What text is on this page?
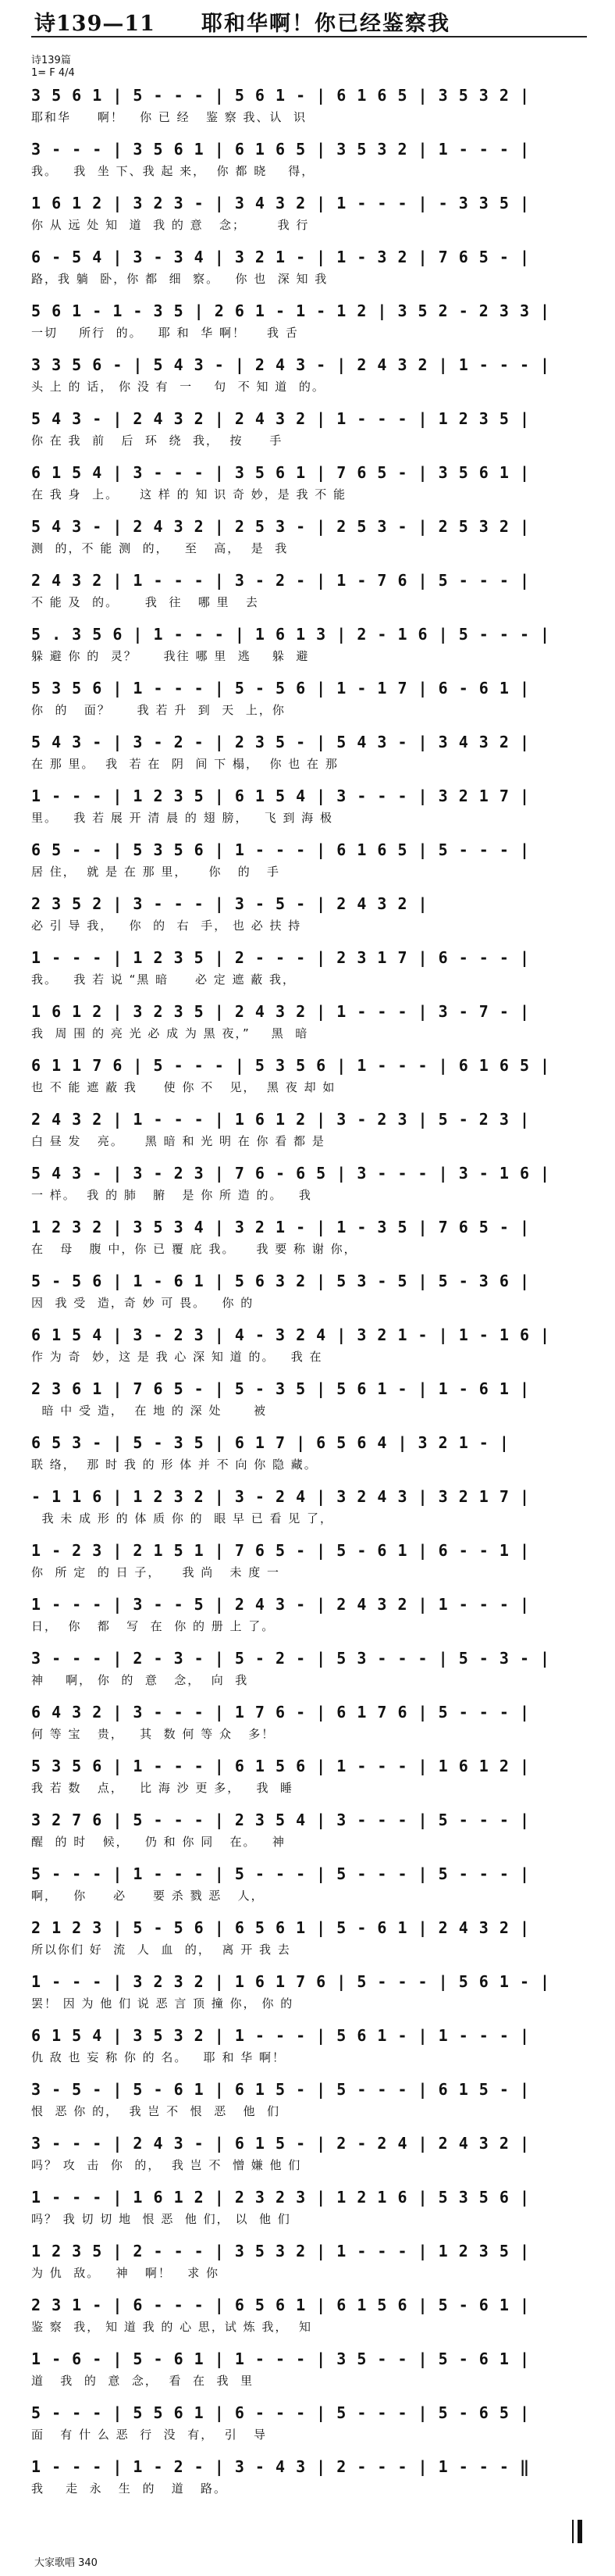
诗139—11 耶和华啊！你已经鉴察我
诗139篇
1= F 4/4
3 5 6 1 | 5 - - - | 5 6 1 - | 6 1 6 5 | 3 5 3 2 |
耶和华     啊！   你 已 经   鉴 察 我、认  识
3 - - - | 3 5 6 1 | 6 1 6 5 | 3 5 3 2 | 1 - - - |
我。   我  坐 下、我 起 来，  你 都 晓    得，
1 6 1 2 | 3 2 3 - | 3 4 3 2 | 1 - - - | - 3 3 5 |
你 从 远 处 知  道  我 的 意   念；      我 行
6 - 5 4 | 3 - 3 4 | 3 2 1 - | 1 - 3 2 | 7 6 5 - |
路，我 躺  卧，你 都  细  察。   你 也  深 知 我
5 6 1 - 1 - 3 5 | 2 6 1 - 1 - 1 2 | 3 5 2 - 2 3 3 |
一切    所行  的。   耶 和  华 啊！    我 舌
3 3 5 6 - | 5 4 3 - | 2 4 3 - | 2 4 3 2 | 1 - - - |
头 上 的 话， 你 没 有  一    句  不 知 道  的。
5 4 3 - | 2 4 3 2 | 2 4 3 2 | 1 - - - | 1 2 3 5 |
你 在 我  前   后  环  绕  我，  按     手
6 1 5 4 | 3 - - - | 3 5 6 1 | 7 6 5 - | 3 5 6 1 |
在 我 身  上。    这 样 的 知 识 奇 妙，是 我 不 能
5 4 3 - | 2 4 3 2 | 2 5 3 - | 2 5 3 - | 2 5 3 2 |
测  的，不 能 测  的，   至   高，  是  我
2 4 3 2 | 1 - - - | 3 - 2 - | 1 - 7 6 | 5 - - - |
不 能 及  的。     我  往   哪 里   去
5 . 3 5 6 | 1 - - - | 1 6 1 3 | 2 - 1 6 | 5 - - - |
躲 避 你 的  灵？     我往 哪 里  逃    躲  避
5 3 5 6 | 1 - - - | 5 - 5 6 | 1 - 1 7 | 6 - 6 1 |
你  的   面？     我 若 升  到  天  上，你
5 4 3 - | 3 - 2 - | 2 3 5 - | 5 4 3 - | 3 4 3 2 |
在 那 里。  我  若 在  阴  间 下 榻，  你 也 在 那
1 - - - | 1 2 3 5 | 6 1 5 4 | 3 - - - | 3 2 1 7 |
里。   我 若 展 开 清 晨 的 翅 膀，   飞 到 海 极
6 5 - - | 5 3 5 6 | 1 - - - | 6 1 6 5 | 5 - - - |
居 住，  就 是 在 那 里，    你   的   手
2 3 5 2 | 3 - - - | 3 - 5 - | 2 4 3 2 |
必 引 导 我，   你  的  右  手， 也 必 扶 持
1 - - - | 1 2 3 5 | 2 - - - | 2 3 1 7 | 6 - - - |
我。   我 若 说 “黑 暗     必 定 遮 蔽 我，
1 6 1 2 | 3 2 3 5 | 2 4 3 2 | 1 - - - | 3 - 7 - |
我  周 围 的 亮 光 必 成 为 黑 夜，”    黑  暗
6 1 1 7 6 | 5 - - - | 5 3 5 6 | 1 - - - | 6 1 6 5 |
也 不 能 遮 蔽 我     使 你 不   见，  黑 夜 却 如
2 4 3 2 | 1 - - - | 1 6 1 2 | 3 - 2 3 | 5 - 2 3 |
白 昼 发   亮。    黑 暗 和 光 明 在 你 看 都 是
5 4 3 - | 3 - 2 3 | 7 6 - 6 5 | 3 - - - | 3 - 1 6 |
一 样。  我 的 肺   腑   是 你 所 造 的。   我
1 2 3 2 | 3 5 3 4 | 3 2 1 - | 1 - 3 5 | 7 6 5 - |
在   母   腹 中，你 已 覆 庇 我。    我 要 称 谢 你，
5 - 5 6 | 1 - 6 1 | 5 6 3 2 | 5 3 - 5 | 5 - 3 6 |
因  我 受  造，奇 妙 可 畏。   你 的
6 1 5 4 | 3 - 2 3 | 4 - 3 2 4 | 3 2 1 - | 1 - 1 6 |
作 为 奇  妙，这 是 我 心 深 知 道 的。   我 在
2 3 6 1 | 7 6 5 - | 5 - 3 5 | 5 6 1 - | 1 - 6 1 |
暗 中 受 造，  在 地 的 深 处      被
6 5 3 - | 5 - 3 5 | 6 1 7 | 6 5 6 4 | 3 2 1 - |
联 络，  那 时 我 的 形 体 并 不 向 你 隐 藏。
- 1 1 6 | 1 2 3 2 | 3 - 2 4 | 3 2 4 3 | 3 2 1 7 |
我 未 成 形 的 体 质 你 的  眼 早 已 看 见 了，
1 - 2 3 | 2 1 5 1 | 7 6 5 - | 5 - 6 1 | 6 - - 1 |
你  所 定  的 日 子，    我 尚   未 度 一
1 - - - | 3 - - 5 | 2 4 3 - | 2 4 3 2 | 1 - - - |
日，  你   都   写  在  你 的 册 上 了。
3 - - - | 2 - 3 - | 5 - 2 - | 5 3 - - - | 5 - 3 - |
神    啊， 你  的  意   念，  向  我
6 4 3 2 | 3 - - - | 1 7 6 - | 6 1 7 6 | 5 - - - |
何 等 宝   贵，   其  数 何 等 众   多！
5 3 5 6 | 1 - - - | 6 1 5 6 | 1 - - - | 1 6 1 2 |
我 若 数   点，   比 海 沙 更 多，   我  睡
3 2 7 6 | 5 - - - | 2 3 5 4 | 3 - - - | 5 - - - |
醒  的 时   候，   仍 和 你 同   在。   神
5 - - - | 1 - - - | 5 - - - | 5 - - - | 5 - - - |
啊，   你     必     要 杀 戮 恶   人，
2 1 2 3 | 5 - 5 6 | 6 5 6 1 | 5 - 6 1 | 2 4 3 2 |
所以你们 好  流  人  血  的，  离 开 我 去
1 - - - | 3 2 3 2 | 1 6 1 7 6 | 5 - - - | 5 6 1 - |
罢！ 因 为 他 们 说 恶 言 顶 撞 你， 你 的
6 1 5 4 | 3 5 3 2 | 1 - - - | 5 6 1 - | 1 - - - |
仇 敌 也 妄 称 你 的 名。   耶 和 华 啊！
3 - 5 - | 5 - 6 1 | 6 1 5 - | 5 - - - | 6 1 5 - |
恨  恶 你 的，  我 岂 不  恨  恶   他  们
3 - - - | 2 4 3 - | 6 1 5 - | 2 - 2 4 | 2 4 3 2 |
吗？ 攻  击  你  的，  我 岂 不  憎 嫌 他 们
1 - - - | 1 6 1 2 | 2 3 2 3 | 1 2 1 6 | 5 3 5 6 |
吗？ 我 切 切 地  恨 恶  他 们， 以  他 们
1 2 3 5 | 2 - - - | 3 5 3 2 | 1 - - - | 1 2 3 5 |
为 仇  敌。   神   啊！   求 你
2 3 1 - | 6 - - - | 6 5 6 1 | 6 1 5 6 | 5 - 6 1 |
鉴 察  我， 知 道 我 的 心 思，试 炼 我，  知
1 - 6 - | 5 - 6 1 | 1 - - - | 3 5 - - | 5 - 6 1 |
道   我  的  意  念，  看  在  我  里
5 - - - | 5 5 6 1 | 6 - - - | 5 - - - | 5 - 6 5 |
面   有 什 么 恶  行  没  有，  引   导
1 - - - | 1 - 2 - | 3 - 4 3 | 2 - - - | 1 - - - ‖
我    走  永   生  的   道   路。
大家歌唱 340
